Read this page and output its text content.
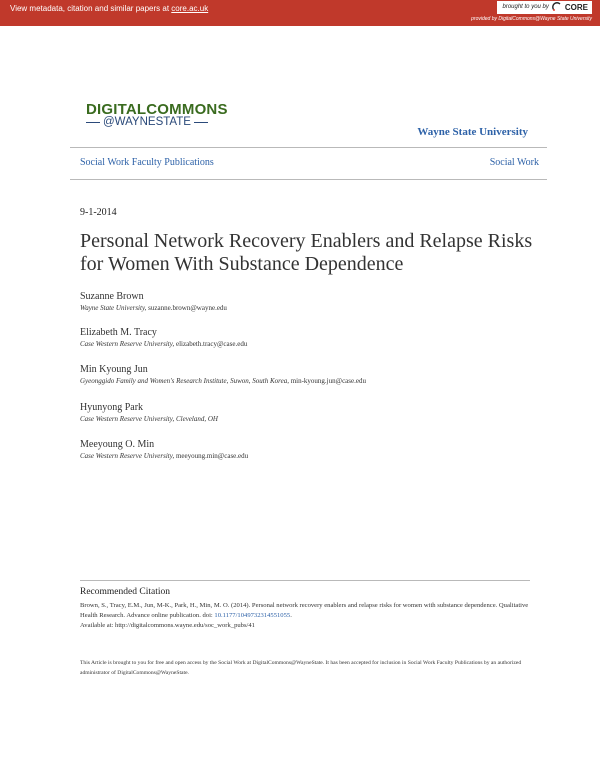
View metadata, citation and similar papers at core.ac.uk	brought to you by CORE
provided by DigitalCommons@Wayne State University
DIGITALCOMMONS
@WAYNESTATE
Wayne State University
Social Work Faculty Publications	Social Work
9-1-2014
Personal Network Recovery Enablers and Relapse Risks for Women With Substance Dependence
Suzanne Brown
Wayne State University, suzanne.brown@wayne.edu
Elizabeth M. Tracy
Case Western Reserve University, elizabeth.tracy@case.edu
Min Kyoung Jun
Gyeonggido Family and Women's Research Institute, Suwon, South Korea, min-kyoung.jun@case.edu
Hyunyong Park
Case Western Reserve University, Cleveland, OH
Meeyoung O. Min
Case Western Reserve University, meeyoung.min@case.edu
Recommended Citation
Brown, S., Tracy, E.M., Jun, M-K., Park, H., Min, M. O. (2014). Personal network recovery enablers and relapse risks for women with substance dependence. Qualitative Health Research. Advance online publication. doi: 10.1177/1049732314551055.
Available at: http://digitalcommons.wayne.edu/soc_work_pubs/41
This Article is brought to you for free and open access by the Social Work at DigitalCommons@WayneState. It has been accepted for inclusion in Social Work Faculty Publications by an authorized administrator of DigitalCommons@WayneState.
